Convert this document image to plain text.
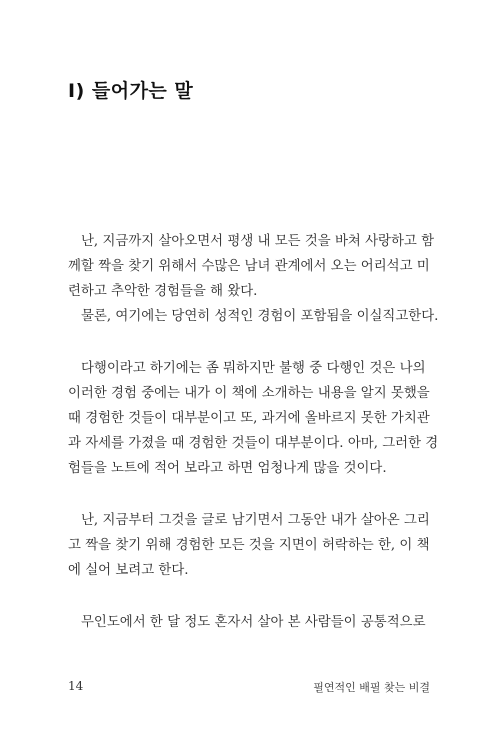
I) 들어가는 말

난, 지금까지 살아오면서 평생 내 모든 것을 바쳐 사랑하고 함
께할 짝을 찾기 위해서 수많은 남녀 관계에서 오는 어리석고 미
련하고 추악한 경험들을 해 왔다.
물론, 여기에는 당연히 성적인 경험이 포함됨을 이실직고한다.

다행이라고 하기에는 좀 뭐하지만 불행 중 다행인 것은 나의
이러한 경험 중에는 내가 이 책에 소개하는 내용을 알지 못했을
때 경험한 것들이 대부분이고 또, 과거에 올바르지 못한 가치관
과 자세를 가졌을 때 경험한 것들이 대부분이다. 아마, 그러한 경
험들을 노트에 적어 보라고 하면 엄청나게 많을 것이다.

난, 지금부터 그것을 글로 남기면서 그동안 내가 살아온 그리
고 짝을 찾기 위해 경험한 모든 것을 지면이 허락하는 한, 이 책
에 실어 보려고 한다.

무인도에서 한 달 정도 혼자서 살아 본 사람들이 공통적으로

14	필연적인 배필 찾는 비결
